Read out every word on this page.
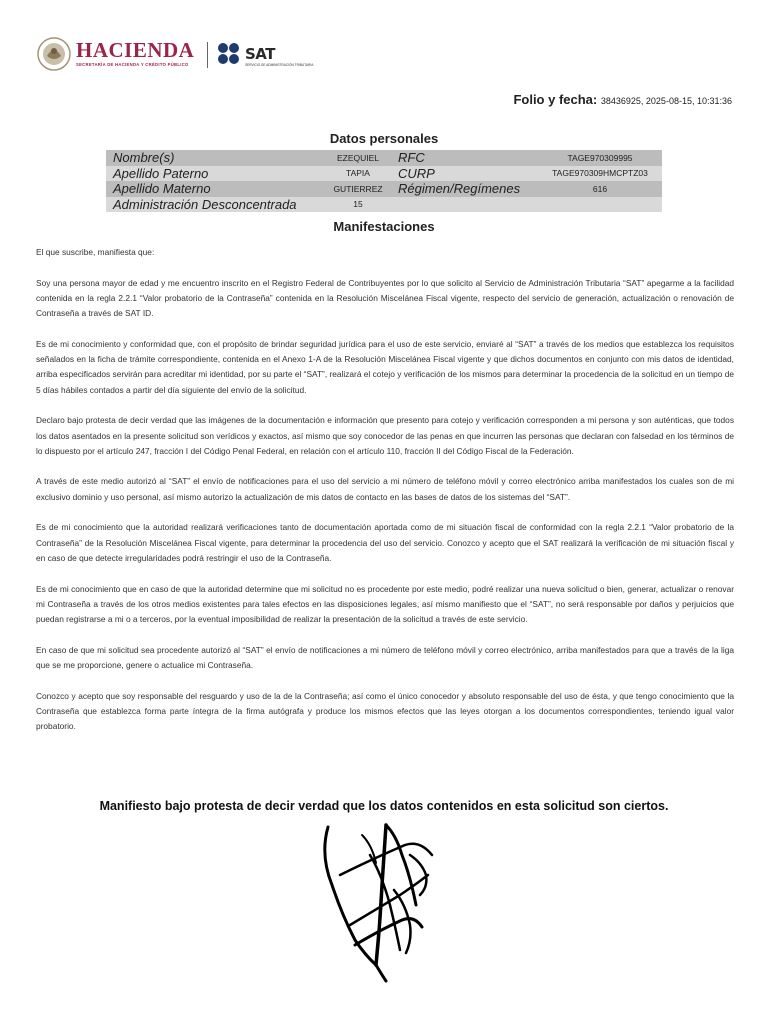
HACIENDA
SECRETARÍA DE HACIENDA Y CRÉDITO PÚBLICO
SAT
SERVICIO DE ADMINISTRACIÓN TRIBUTARIA
Folio y fecha: 38436925, 2025-08-15, 10:31:36
Datos personales
Nombre(s)	EZEQUIEL	RFC	TAGE970309995
Apellido Paterno	TAPIA	CURP	TAGE970309HMCPTZ03
Apellido Materno	GUTIERREZ	Régimen/Regímenes	616
Administración Desconcentrada	15
Manifestaciones

El que suscribe, manifiesta que:

Soy una persona mayor de edad y me encuentro inscrito en el Registro Federal de Contribuyentes por lo que solicito al Servicio de Administración Tributaria “SAT” apegarme a la facilidad contenida en la regla 2.2.1 “Valor probatorio de la Contraseña” contenida en la Resolución Miscelánea Fiscal vigente, respecto del servicio de generación, actualización o renovación de Contraseña a través de SAT ID.

Es de mi conocimiento y conformidad que, con el propósito de brindar seguridad jurídica para el uso de este servicio, enviaré al “SAT” a través de los medios que establezca los requisitos señalados en la ficha de trámite correspondiente, contenida en el Anexo 1-A de la Resolución Miscelánea Fiscal vigente y que dichos documentos en conjunto con mis datos de identidad, arriba especificados servirán para acreditar mi identidad, por su parte el “SAT”, realizará el cotejo y verificación de los mismos para determinar la procedencia de la solicitud en un tiempo de 5 días hábiles contados a partir del día siguiente del envío de la solicitud.

Declaro bajo protesta de decir verdad que las imágenes de la documentación e información que presento para cotejo y verificación corresponden a mi persona y son auténticas, que todos los datos asentados en la presente solicitud son verídicos y exactos, así mismo que soy conocedor de las penas en que incurren las personas que declaran con falsedad en los términos de lo dispuesto por el artículo 247, fracción I del Código Penal Federal, en relación con el artículo 110, fracción II del Código Fiscal de la Federación.

A través de este medio autorizó al “SAT” el envío de notificaciones para el uso del servicio a mi número de teléfono móvil y correo electrónico arriba manifestados los cuales son de mi exclusivo dominio y uso personal, así mismo autorizo la actualización de mis datos de contacto en las bases de datos de los sistemas del “SAT”.

Es de mi conocimiento que la autoridad realizará verificaciones tanto de documentación aportada como de mi situación fiscal de conformidad con la regla 2.2.1 “Valor probatorio de la Contraseña” de la Resolución Miscelánea Fiscal vigente, para determinar la procedencia del uso del servicio. Conozco y acepto que el SAT realizará la verificación de mi situación fiscal y en caso de que detecte irregularidades podrá restringir el uso de la Contraseña.

Es de mi conocimiento que en caso de que la autoridad determine que mi solicitud no es procedente por este medio, podré realizar una nueva solicitud o bien, generar, actualizar o renovar mi Contraseña a través de los otros medios existentes para tales efectos en las disposiciones legales, así mismo manifiesto que el “SAT”, no será responsable por daños y perjuicios que puedan registrarse a mi o a terceros, por la eventual imposibilidad de realizar la presentación de la solicitud a través de este servicio.

En caso de que mi solicitud sea procedente autorizó al “SAT” el envío de notificaciones a mi número de teléfono móvil y correo electrónico, arriba manifestados para que a través de la liga que se me proporcione, genere o actualice mi Contraseña.

Conozco y acepto que soy responsable del resguardo y uso de la de la Contraseña; así como el único conocedor y absoluto responsable del uso de ésta, y que tengo conocimiento que la Contraseña que establezca forma parte íntegra de la firma autógrafa y produce los mismos efectos que las leyes otorgan a los documentos correspondientes, teniendo igual valor probatorio.

Manifiesto bajo protesta de decir verdad que los datos contenidos en esta solicitud son ciertos.
